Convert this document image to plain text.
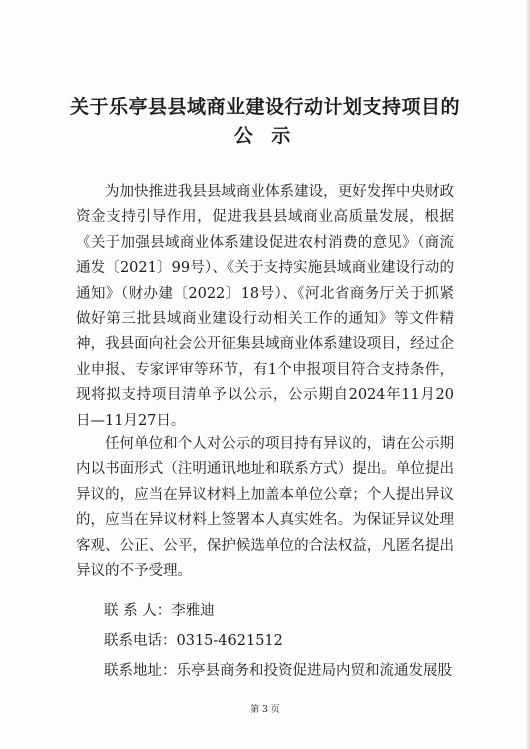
关于乐亭县县域商业建设行动计划支持项目的
公 示

为加快推进我县县域商业体系建设，更好发挥中央财政资金支持引导作用，促进我县县域商业高质量发展，根据《关于加强县域商业体系建设促进农村消费的意见》（商流通发〔2021〕99号）、《关于支持实施县域商业建设行动的通知》（财办建〔2022〕18号）、《河北省商务厅关于抓紧做好第三批县域商业建设行动相关工作的通知》等文件精神，我县面向社会公开征集县域商业体系建设项目，经过企业申报、专家评审等环节，有1个申报项目符合支持条件，现将拟支持项目清单予以公示，公示期自2024年11月20日—11月27日。

任何单位和个人对公示的项目持有异议的，请在公示期内以书面形式（注明通讯地址和联系方式）提出。单位提出异议的，应当在异议材料上加盖本单位公章；个人提出异议的，应当在异议材料上签署本人真实姓名。为保证异议处理客观、公正、公平，保护候选单位的合法权益，凡匿名提出异议的不予受理。

联 系 人：李雅迪

联系电话：0315-4621512

联系地址：乐亭县商务和投资促进局内贸和流通发展股

第 3 页
